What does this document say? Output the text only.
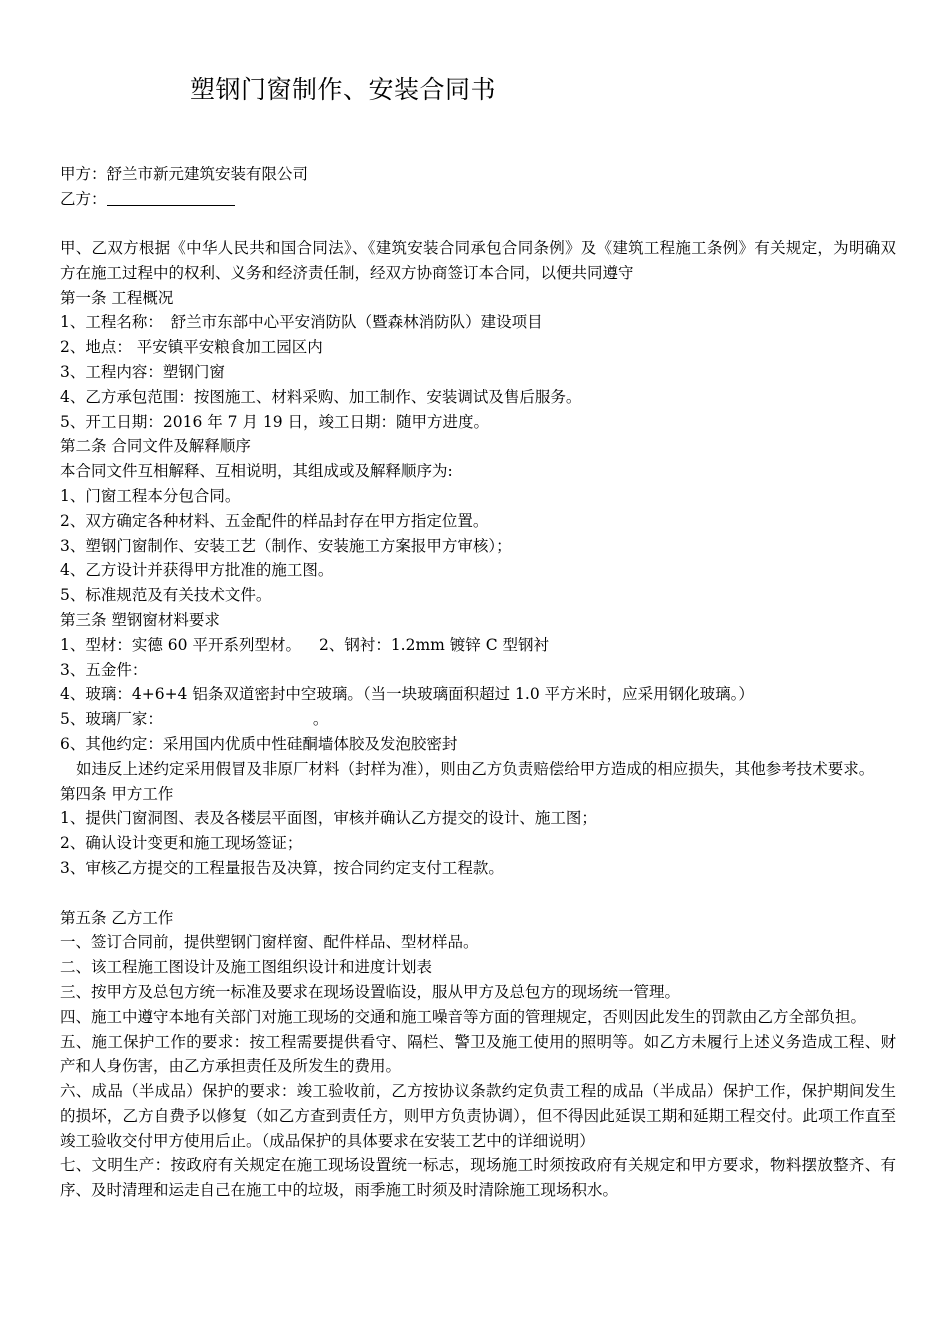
塑钢门窗制作、安装合同书
甲方：舒兰市新元建筑安装有限公司
乙方：
甲、乙双方根据《中华人民共和国合同法》、《建筑安装合同承包合同条例》及《建筑工程施工条例》有关规定，为明确双方在施工过程中的权利、义务和经济责任制，经双方协商签订本合同，以便共同遵守
第一条 工程概况
1、工程名称：　舒兰市东部中心平安消防队（暨森林消防队）建设项目
2、地点： 平安镇平安粮食加工园区内
3、工程内容：塑钢门窗
4、乙方承包范围：按图施工、材料采购、加工制作、安装调试及售后服务。
5、开工日期：2016 年 7 月 19 日，竣工日期：随甲方进度。
第二条 合同文件及解释顺序
本合同文件互相解释、互相说明，其组成或及解释顺序为:
1、门窗工程本分包合同。
2、双方确定各种材料、五金配件的样品封存在甲方指定位置。
3、塑钢门窗制作、安装工艺（制作、安装施工方案报甲方审核）；
4、乙方设计并获得甲方批准的施工图。
5、标准规范及有关技术文件。
第三条 塑钢窗材料要求
1、型材：实德 60 平开系列型材。 2、钢衬：1.2mm 镀锌 C 型钢衬
3、五金件：
4、玻璃：4+6+4 铝条双道密封中空玻璃。（当一块玻璃面积超过 1.0 平方米时，应采用钢化玻璃。）
5、玻璃厂家：	。
6、其他约定：采用国内优质中性硅酮墙体胶及发泡胶密封
如违反上述约定采用假冒及非原厂材料（封样为准），则由乙方负责赔偿给甲方造成的相应损失，其他参考技术要求。
第四条 甲方工作
1、提供门窗洞图、表及各楼层平面图，审核并确认乙方提交的设计、施工图；
2、确认设计变更和施工现场签证；
3、审核乙方提交的工程量报告及决算，按合同约定支付工程款。
第五条 乙方工作
一、签订合同前，提供塑钢门窗样窗、配件样品、型材样品。
二、该工程施工图设计及施工图组织设计和进度计划表
三、按甲方及总包方统一标准及要求在现场设置临设，服从甲方及总包方的现场统一管理。
四、施工中遵守本地有关部门对施工现场的交通和施工噪音等方面的管理规定，否则因此发生的罚款由乙方全部负担。
五、施工保护工作的要求：按工程需要提供看守、隔栏、警卫及施工使用的照明等。如乙方未履行上述义务造成工程、财产和人身伤害，由乙方承担责任及所发生的费用。
六、成品（半成品）保护的要求：竣工验收前，乙方按协议条款约定负责工程的成品（半成品）保护工作，保护期间发生的损坏，乙方自费予以修复（如乙方查到责任方，则甲方负责协调），但不得因此延误工期和延期工程交付。此项工作直至竣工验收交付甲方使用后止。（成品保护的具体要求在安装工艺中的详细说明）
七、文明生产：按政府有关规定在施工现场设置统一标志，现场施工时须按政府有关规定和甲方要求，物料摆放整齐、有序、及时清理和运走自己在施工中的垃圾，雨季施工时须及时清除施工现场积水。
